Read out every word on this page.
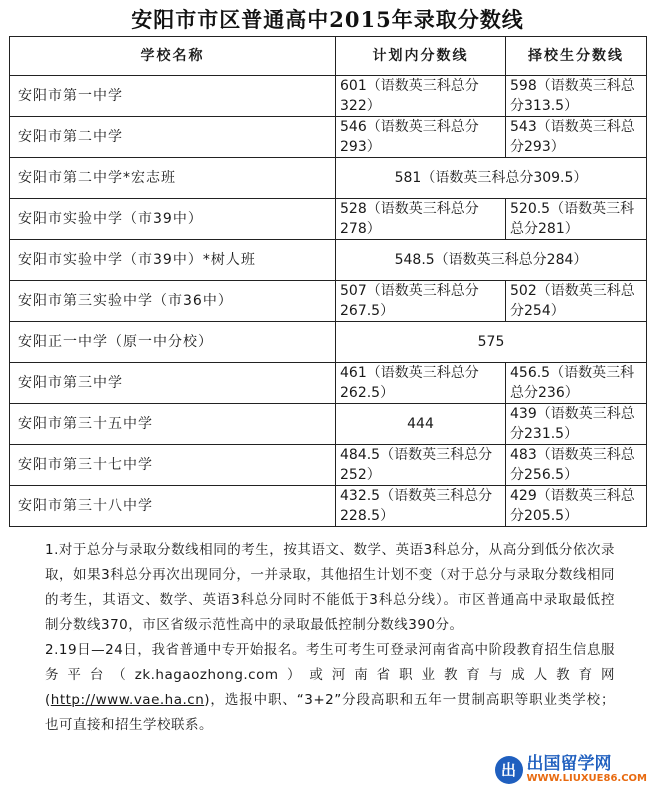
安阳市市区普通高中2015年录取分数线
学校名称	计划内分数线	择校生分数线
安阳市第一中学	601（语数英三科总分322）	598（语数英三科总分313.5）
安阳市第二中学	546（语数英三科总分293）	543（语数英三科总分293）
安阳市第二中学*宏志班	581（语数英三科总分309.5）	
安阳市实验中学（市39中）	528（语数英三科总分278）	520.5（语数英三科总分281）
安阳市实验中学（市39中）*树人班	548.5（语数英三科总分284）	
安阳市第三实验中学（市36中）	507（语数英三科总分267.5）	502（语数英三科总分254）
安阳正一中学（原一中分校）	575	
安阳市第三中学	461（语数英三科总分262.5）	456.5（语数英三科总分236）
安阳市第三十五中学	444	439（语数英三科总分231.5）
安阳市第三十七中学	484.5（语数英三科总分252）	483（语数英三科总分256.5）
安阳市第三十八中学	432.5（语数英三科总分228.5）	429（语数英三科总分205.5）

1.对于总分与录取分数线相同的考生，按其语文、数学、英语3科总分，从高分到低分依次录取，如果3科总分再次出现同分，一并录取，其他招生计划不变（对于总分与录取分数线相同的考生，其语文、数学、英语3科总分同时不能低于3科总分线）。市区普通高中录取最低控制分数线370，市区省级示范性高中的录取最低控制分数线390分。

2.19日—24日，我省普通中专开始报名。考生可考生可登录河南省高中阶段教育招生信息服务平台（zk.hagaozhong.com）或河南省职业教育与成人教育网(http://www.vae.ha.cn)，选报中职、“3+2”分段高职和五年一贯制高职等职业类学校；也可直接和招生学校联系。

出 出国留学网
WWW.LIUXUE86.COM
